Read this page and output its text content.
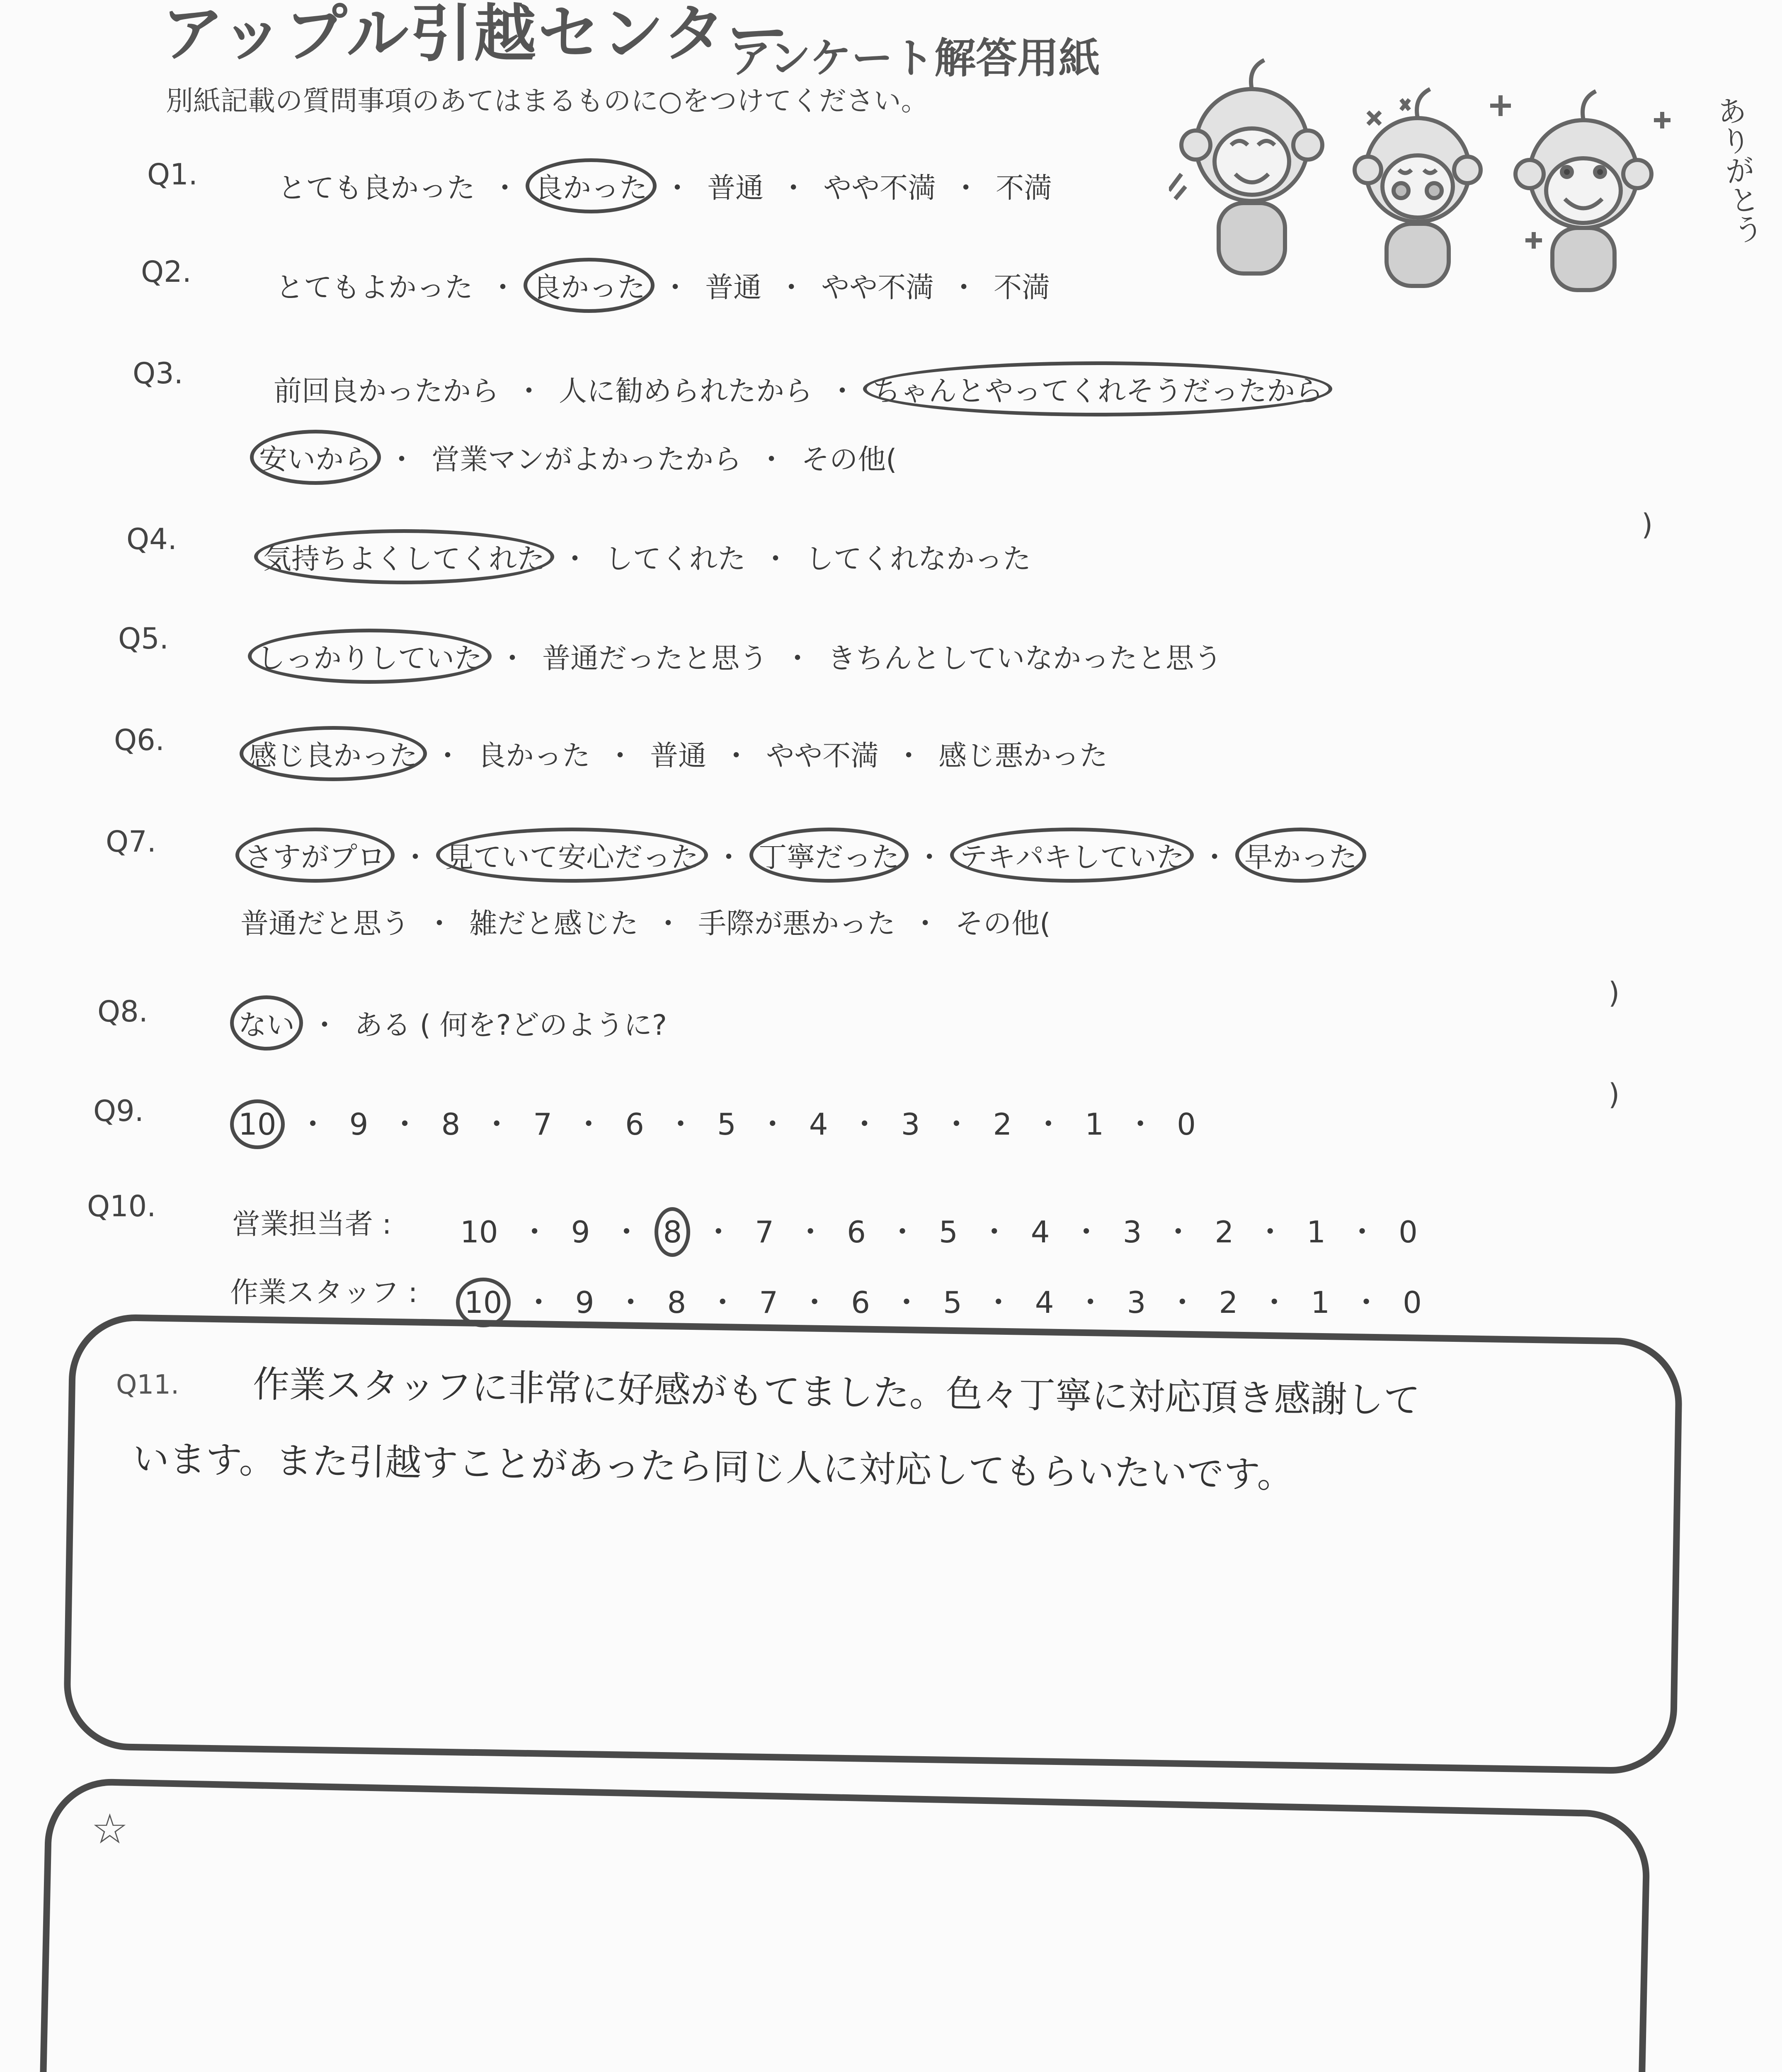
アップル引越センター
アンケート解答用紙
別紙記載の質問事項のあてはまるものに○をつけてください。	ありがとう
Q1.	とても良かった ・ 良かった ・ 普通 ・ やや不満 ・ 不満
Q2.	とてもよかった ・ 良かった ・ 普通 ・ やや不満 ・ 不満
Q3.
前回良かったから ・ 人に勧められたから ・ ちゃんとやってくれそうだったから
安いから ・ 営業マンがよかったから ・ その他(
)
Q4.
気持ちよくしてくれた ・ してくれた ・ してくれなかった
Q5.
しっかりしていた ・ 普通だったと思う ・ きちんとしていなかったと思う
Q6.	感じ良かった ・ 良かった ・ 普通 ・ やや不満 ・ 感じ悪かった
Q7.	さすがプロ ・ 見ていて安心だった ・ 丁寧だった ・ テキパキしていた ・ 早かった
普通だと思う ・ 雑だと感じた ・ 手際が悪かった ・ その他(
)
Q8.	ない ・ ある ( 何を?どのように?
)
Q9.	10 ・ 9 ・ 8 ・ 7 ・ 6 ・ 5 ・ 4 ・ 3 ・ 2 ・ 1 ・ 0
Q10.
営業担当者 : 10 ・ 9 ・ 8 ・ 7 ・ 6 ・ 5 ・ 4 ・ 3 ・ 2 ・ 1 ・ 0
作業スタッフ : 10 ・ 9 ・ 8 ・ 7 ・ 6 ・ 5 ・ 4 ・ 3 ・ 2 ・ 1 ・ 0
Q11. 作業スタッフに非常に好感がもてました。色々丁寧に対応頂き感謝して
います。また引越すことがあったら同じ人に対応してもらいたいです。
☆
